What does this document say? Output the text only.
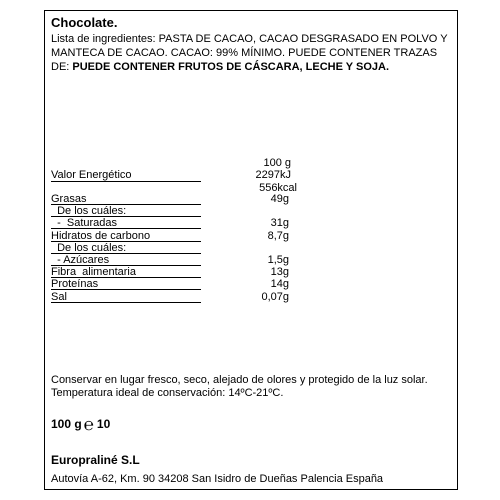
Chocolate.
Lista de ingredientes: PASTA DE CACAO, CACAO DESGRASADO EN POLVO Y MANTECA DE CACAO. CACAO: 99% MÍNIMO. PUEDE CONTENER TRAZAS DE: PUEDE CONTENER FRUTOS DE CÁSCARA, LECHE Y SOJA.
100 g
Valor Energético	2297kJ
556kcal
Grasas	49g
De los cuáles:
-  Saturadas	31g
Hidratos de carbono	8,7g
De los cuáles:
- Azúcares	1,5g
Fibra  alimentaria	13g
Proteínas	14g
Sal	0,07g
Conservar en lugar fresco, seco, alejado de olores y protegido de la luz solar.
Temperatura ideal de conservación: 14ºC-21ºC.
100 g ℮ 10
Europraliné S.L
Autovía A-62, Km. 90 34208 San Isidro de Dueñas Palencia España
